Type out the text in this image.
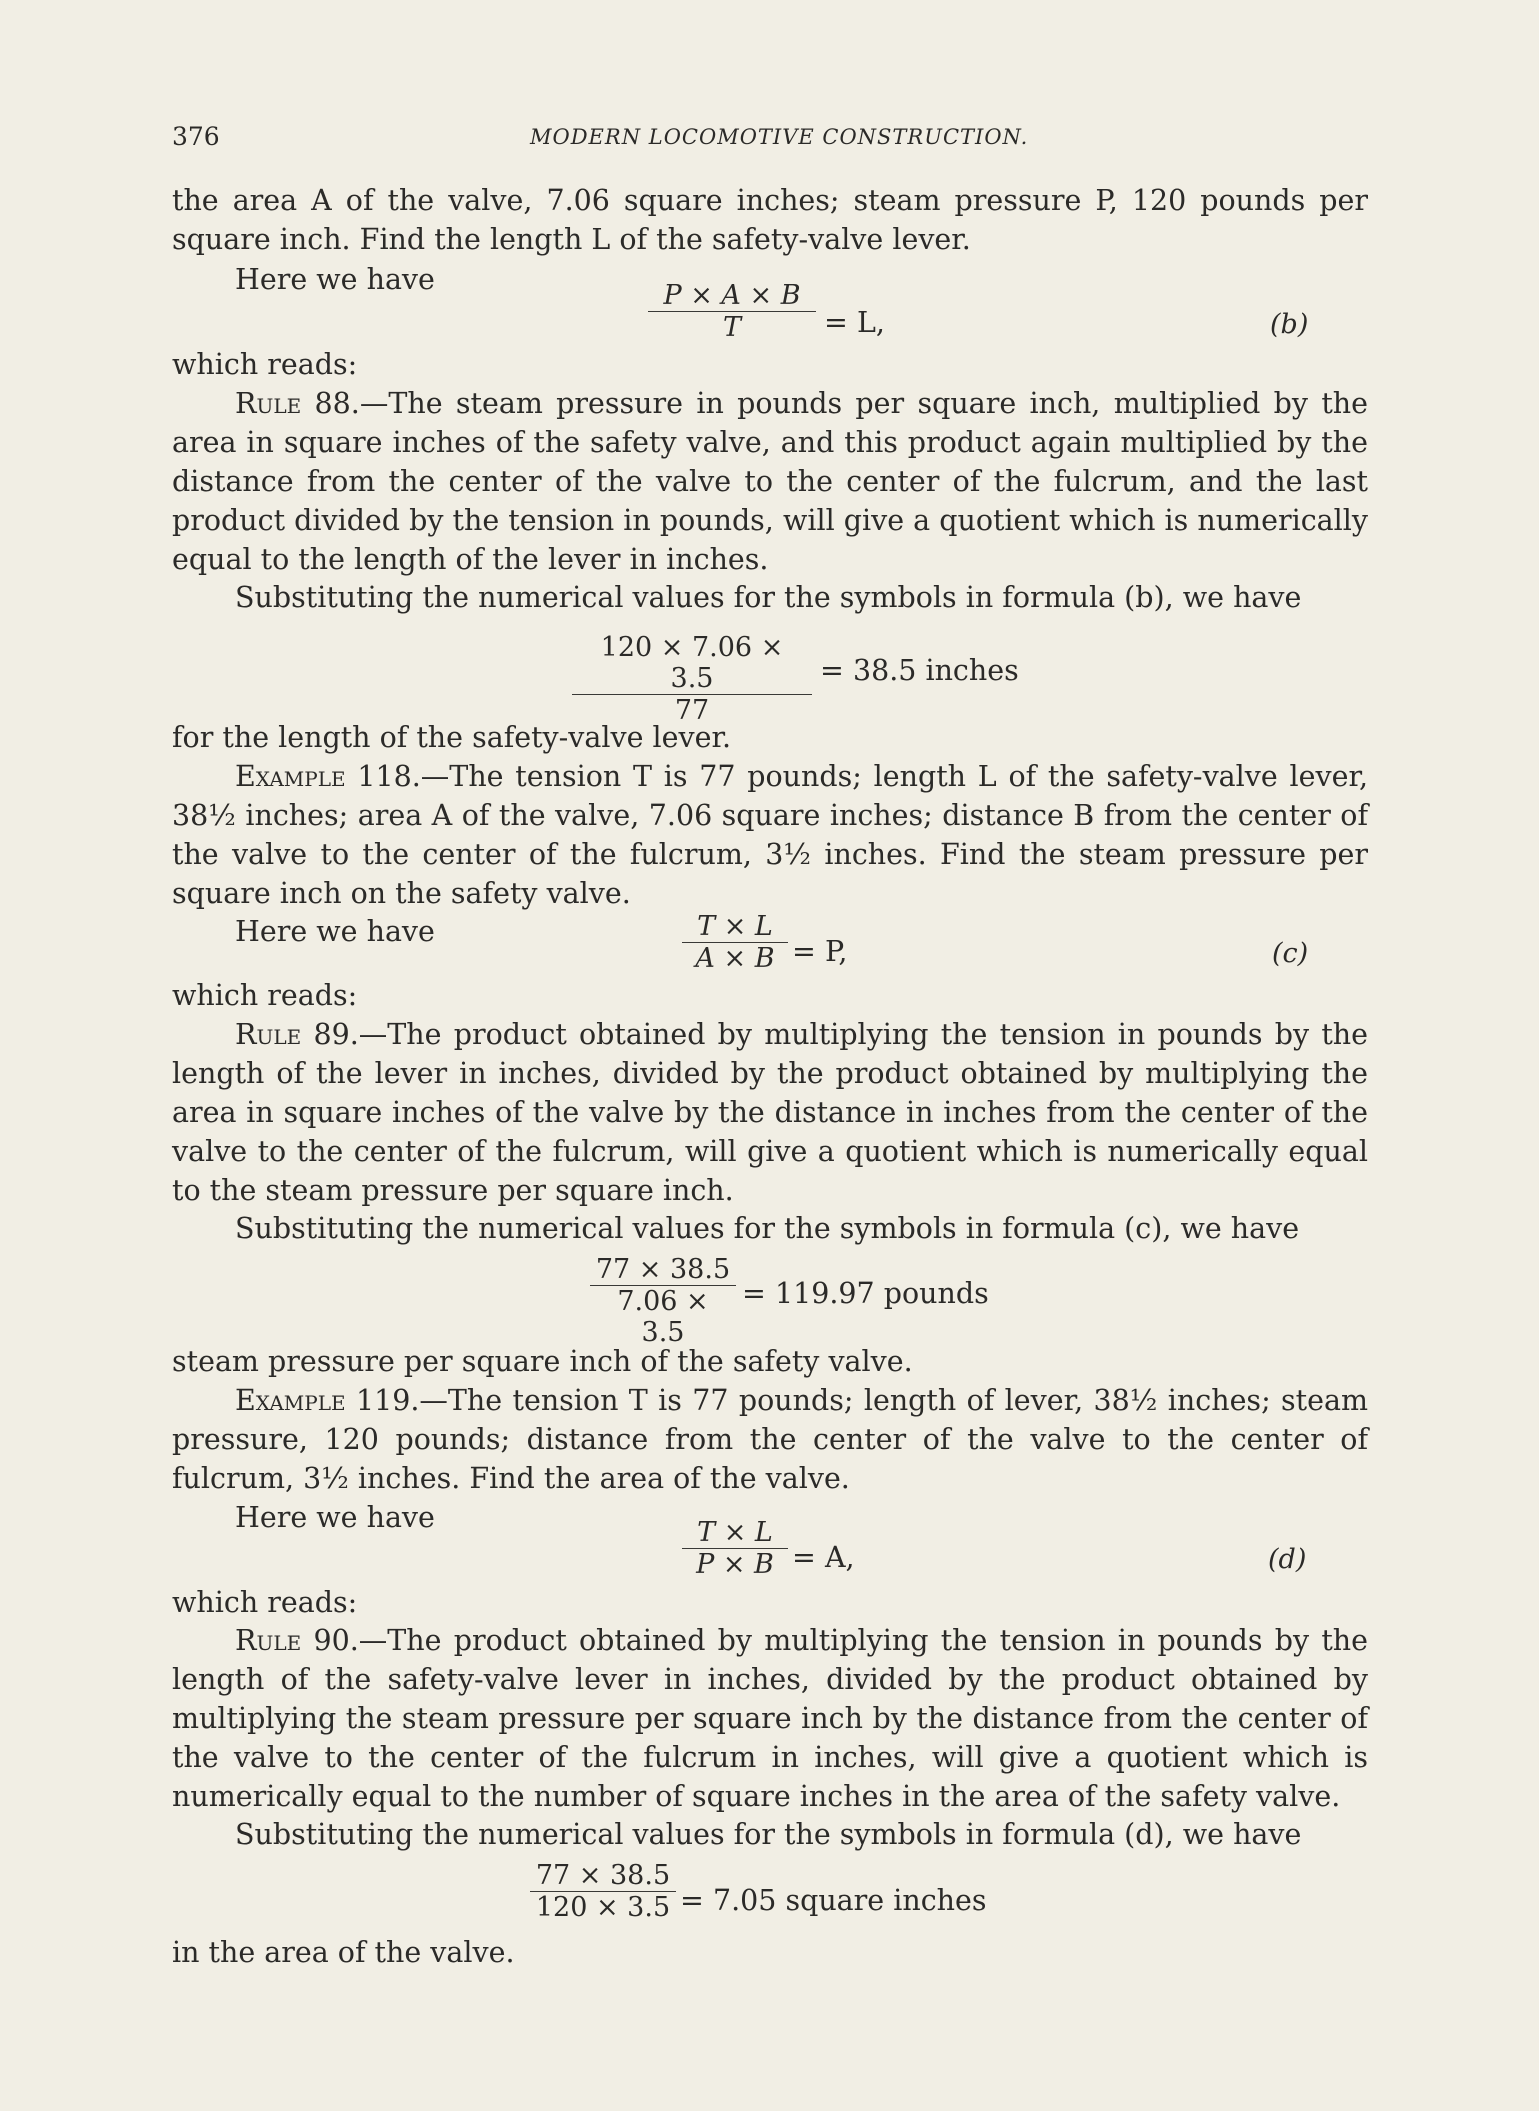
376	MODERN LOCOMOTIVE CONSTRUCTION.
the area A of the valve, 7.06 square inches; steam pressure P, 120 pounds per square inch. Find the length L of the safety-valve lever.
Here we have	P × A × B
T	= L,	(b)
which reads:
Rule 88.—The steam pressure in pounds per square inch, multiplied by the area in square inches of the safety valve, and this product again multiplied by the distance from the center of the valve to the center of the fulcrum, and the last product divided by the tension in pounds, will give a quotient which is numerically equal to the length of the lever in inches.
Substituting the numerical values for the symbols in formula (b), we have
120 × 7.06 × 3.5
77
= 38.5 inches
for the length of the safety-valve lever.
Example 118.—The tension T is 77 pounds; length L of the safety-valve lever, 38½ inches; area A of the valve, 7.06 square inches; distance B from the center of the valve to the center of the fulcrum, 3½ inches. Find the steam pressure per square inch on the safety valve.
Here we have	T × L
A × B = P,	(c)
which reads:
Rule 89.—The product obtained by multiplying the tension in pounds by the length of the lever in inches, divided by the product obtained by multiplying the area in square inches of the valve by the distance in inches from the center of the valve to the center of the fulcrum, will give a quotient which is numerically equal to the steam pressure per square inch.
Substituting the numerical values for the symbols in formula (c), we have
77 × 38.5
7.06 × 3.5
= 119.97 pounds
steam pressure per square inch of the safety valve.
Example 119.—The tension T is 77 pounds; length of lever, 38½ inches; steam pressure, 120 pounds; distance from the center of the valve to the center of fulcrum, 3½ inches. Find the area of the valve.
Here we have	T × L
P × B = A,	(d)
which reads:
Rule 90.—The product obtained by multiplying the tension in pounds by the length of the safety-valve lever in inches, divided by the product obtained by multiplying the steam pressure per square inch by the distance from the center of the valve to the center of the fulcrum in inches, will give a quotient which is numerically equal to the number of square inches in the area of the safety valve.
Substituting the numerical values for the symbols in formula (d), we have
77 × 38.5
120 × 3.5 = 7.05 square inches
in the area of the valve.
